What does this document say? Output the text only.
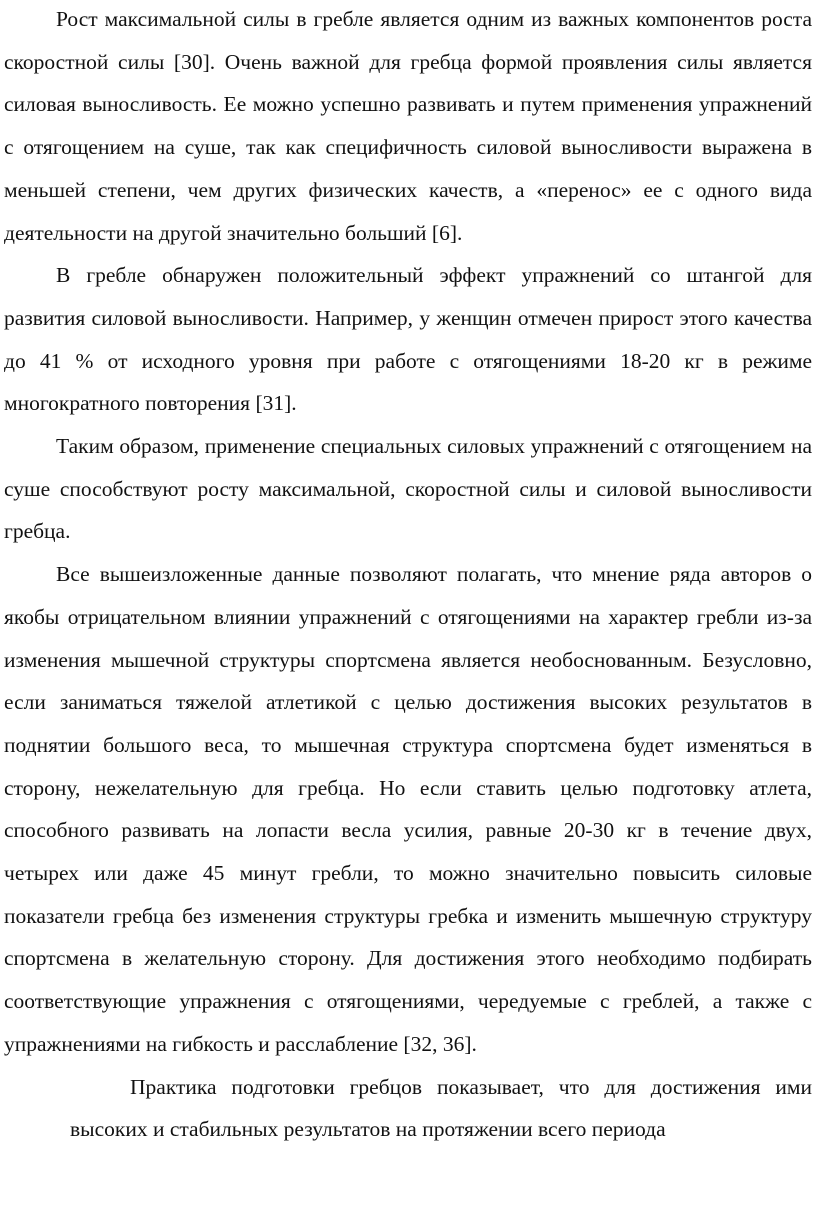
Рост максимальной силы в гребле является одним из важных компонентов роста скоростной силы [30]. Очень важной для гребца формой проявления силы является силовая выносливость. Ее можно успешно развивать и путем применения упражнений с отягощением на суше, так как специфичность силовой выносливости выражена в меньшей степени, чем других физических качеств, а «перенос» ее с одного вида деятельности на другой значительно больший [6].

В гребле обнаружен положительный эффект упражнений со штангой для развития силовой выносливости. Например, у женщин отмечен прирост этого качества до 41 % от исходного уровня при работе с отягощениями 18-20 кг в режиме многократного повторения [31].

Таким образом, применение специальных силовых упражнений с отягощением на суше способствуют росту максимальной, скоростной силы и силовой выносливости гребца.

Все вышеизложенные данные позволяют полагать, что мнение ряда авторов о якобы отрицательном влиянии упражнений с отягощениями на характер гребли из-за изменения мышечной структуры спортсмена является необоснованным. Безусловно, если заниматься тяжелой атлетикой с целью достижения высоких результатов в поднятии большого веса, то мышечная структура спортсмена будет изменяться в сторону, нежелательную для гребца. Но если ставить целью подготовку атлета, способного развивать на лопасти весла усилия, равные 20-30 кг в течение двух, четырех или даже 45 минут гребли, то можно значительно повысить силовые показатели гребца без изменения структуры гребка и изменить мышечную структуру спортсмена в желательную сторону. Для достижения этого необходимо подбирать соответствующие упражнения с отягощениями, чередуемые с греблей, а также с упражнениями на гибкость и расслабление [32, 36].

Практика подготовки гребцов показывает, что для достижения ими высоких и стабильных результатов на протяжении всего периода
